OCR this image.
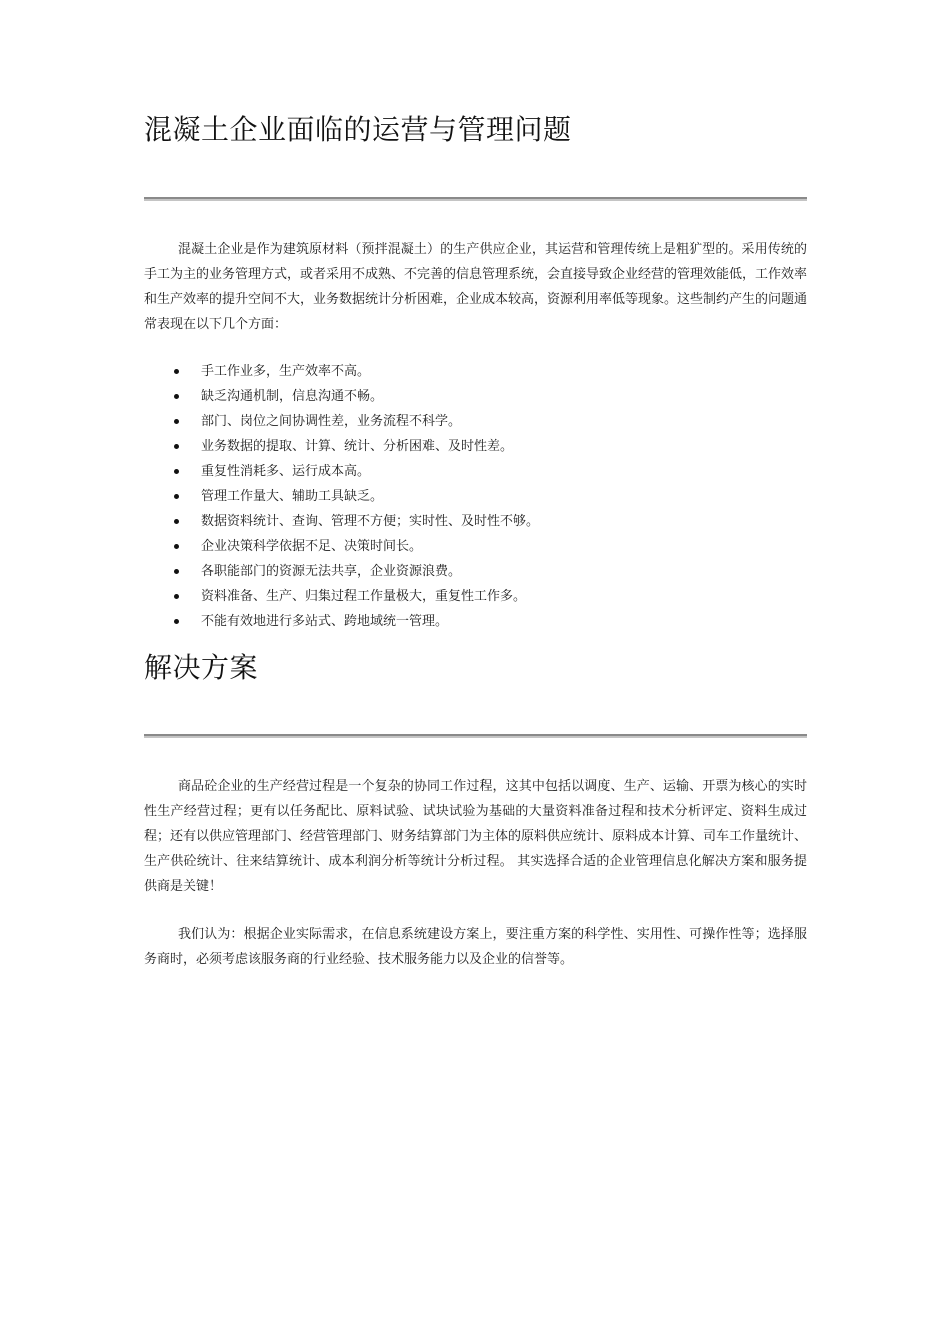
混凝土企业面临的运营与管理问题

混凝土企业是作为建筑原材料（预拌混凝土）的生产供应企业，其运营和管理传统上是粗犷型的。采用传统的手工为主的业务管理方式，或者采用不成熟、不完善的信息管理系统，会直接导致企业经营的管理效能低，工作效率和生产效率的提升空间不大，业务数据统计分析困难，企业成本较高，资源利用率低等现象。这些制约产生的问题通常表现在以下几个方面：

手工作业多，生产效率不高。
缺乏沟通机制，信息沟通不畅。
部门、岗位之间协调性差，业务流程不科学。
业务数据的提取、计算、统计、分析困难、及时性差。
重复性消耗多、运行成本高。
管理工作量大、辅助工具缺乏。
数据资料统计、查询、管理不方便；实时性、及时性不够。
企业决策科学依据不足、决策时间长。
各职能部门的资源无法共享，企业资源浪费。
资料准备、生产、归集过程工作量极大，重复性工作多。
不能有效地进行多站式、跨地域统一管理。
解决方案

商品砼企业的生产经营过程是一个复杂的协同工作过程，这其中包括以调度、生产、运输、开票为核心的实时性生产经营过程；更有以任务配比、原料试验、试块试验为基础的大量资料准备过程和技术分析评定、资料生成过程；还有以供应管理部门、经营管理部门、财务结算部门为主体的原料供应统计、原料成本计算、司车工作量统计、生产供砼统计、往来结算统计、成本利润分析等统计分析过程。 其实选择合适的企业管理信息化解决方案和服务提供商是关键！

我们认为：根据企业实际需求，在信息系统建设方案上，要注重方案的科学性、实用性、可操作性等；选择服务商时，必须考虑该服务商的行业经验、技术服务能力以及企业的信誉等。
